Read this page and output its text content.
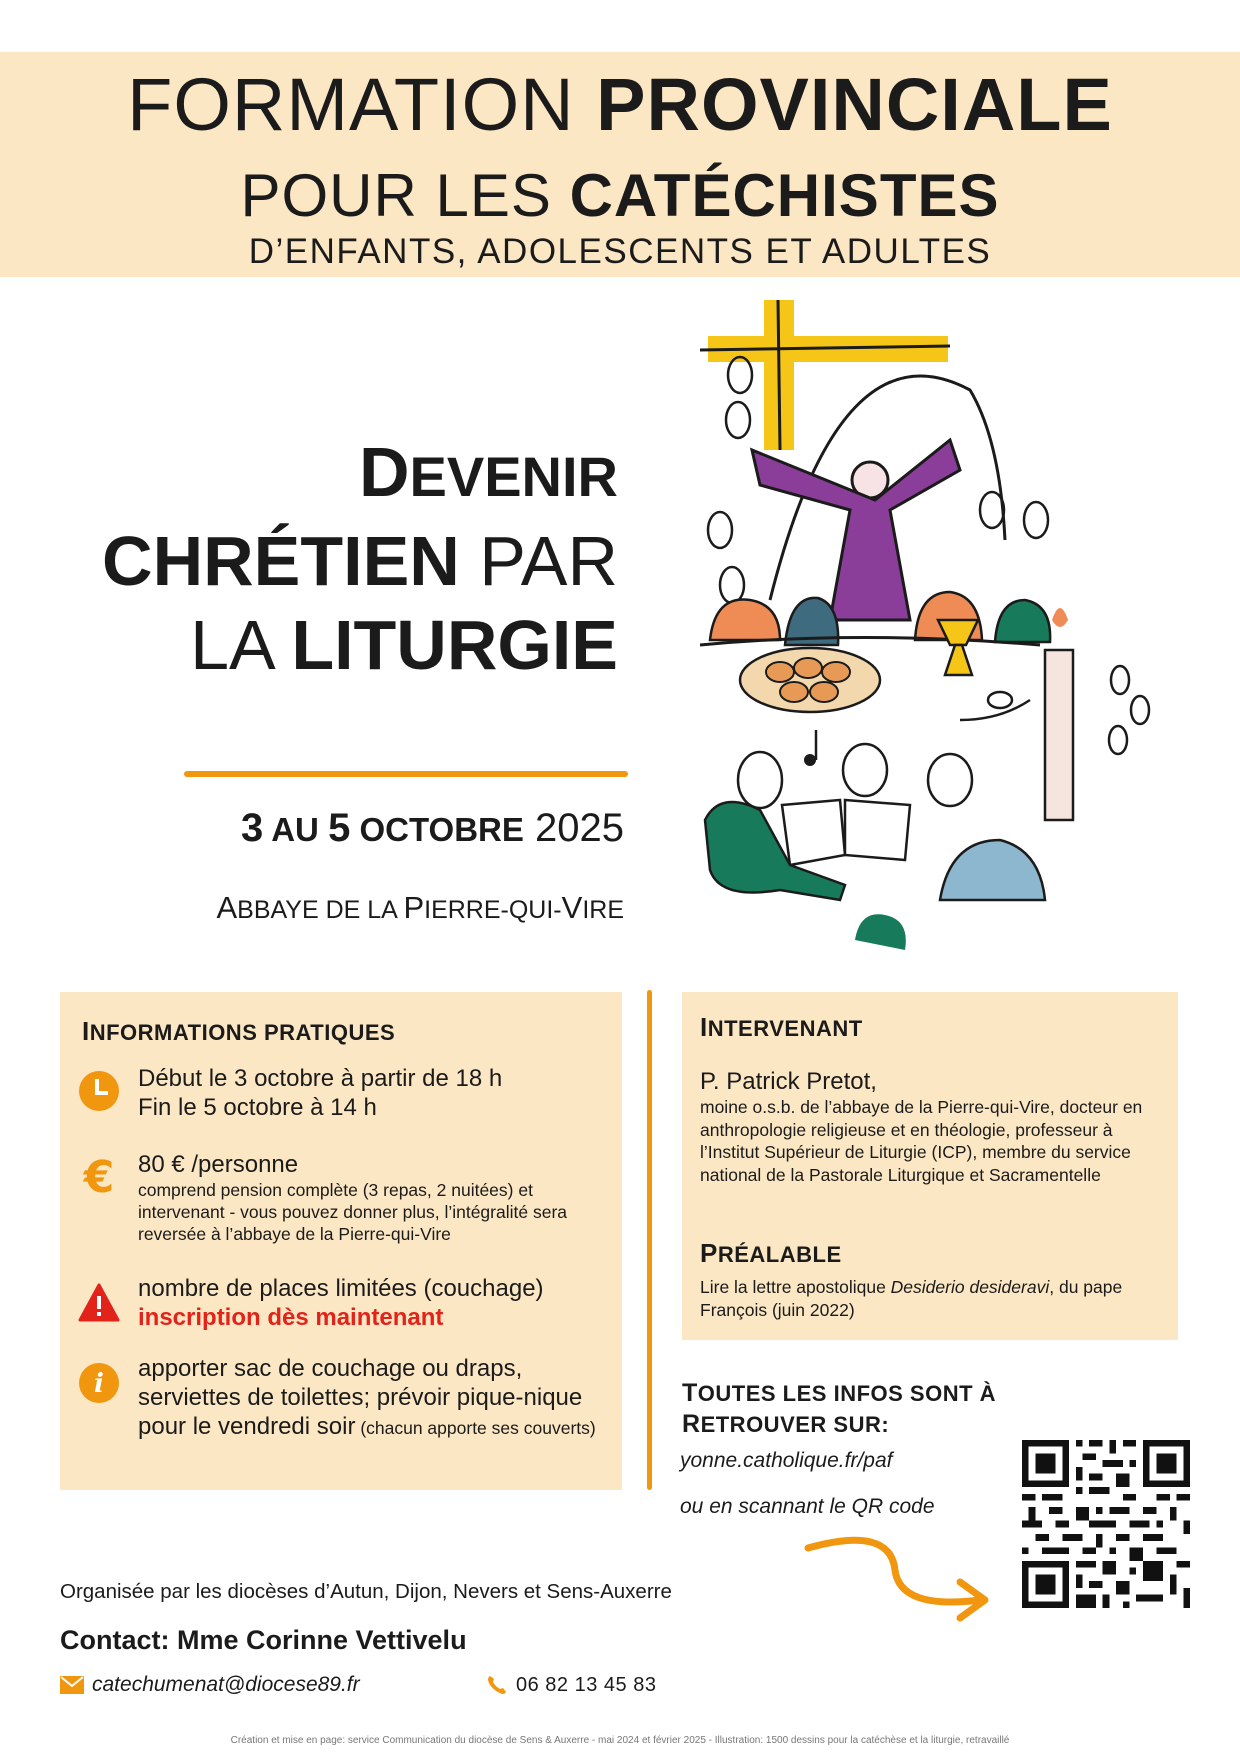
FORMATION PROVINCIALE
POUR LES CATÉCHISTES
D’ENFANTS, ADOLESCENTS ET ADULTES
DEVENIR
CHRÉTIEN PAR
LA LITURGIE
3 AU 5 OCTOBRE 2025
ABBAYE DE LA PIERRE-QUI-VIRE
INFORMATIONS PRATIQUES
Début le 3 octobre à partir de 18 h
Fin le 5 octobre à 14 h
€ 80 € /personne
comprend pension complète (3 repas, 2 nuitées) et intervenant - vous pouvez donner plus, l’intégralité sera reversée à l’abbaye de la Pierre-qui-Vire
nombre de places limitées (couchage)
inscription dès maintenant
i
apporter sac de couchage ou draps, serviettes de toilettes; prévoir pique-nique pour le vendredi soir (chacun apporte ses couverts)
INTERVENANT
P. Patrick Pretot,
moine o.s.b. de l’abbaye de la Pierre-qui-Vire, docteur en anthropologie religieuse et en théologie, professeur à l’Institut Supérieur de Liturgie (ICP), membre du service national de la Pastorale Liturgique et Sacramentelle
PRÉALABLE
Lire la lettre apostolique Desiderio desideravi, du pape François (juin 2022)
TOUTES LES INFOS SONT À
RETROUVER SUR:
yonne.catholique.fr/paf
ou en scannant le QR code
Organisée par les diocèses d’Autun, Dijon, Nevers et Sens-Auxerre
Contact: Mme Corinne Vettivelu
catechumenat@diocese89.fr	06 82 13 45 83
Création et mise en page: service Communication du diocèse de Sens & Auxerre - mai 2024 et février 2025 - Illustration: 1500 dessins pour la catéchèse et la liturgie, retravaillé
